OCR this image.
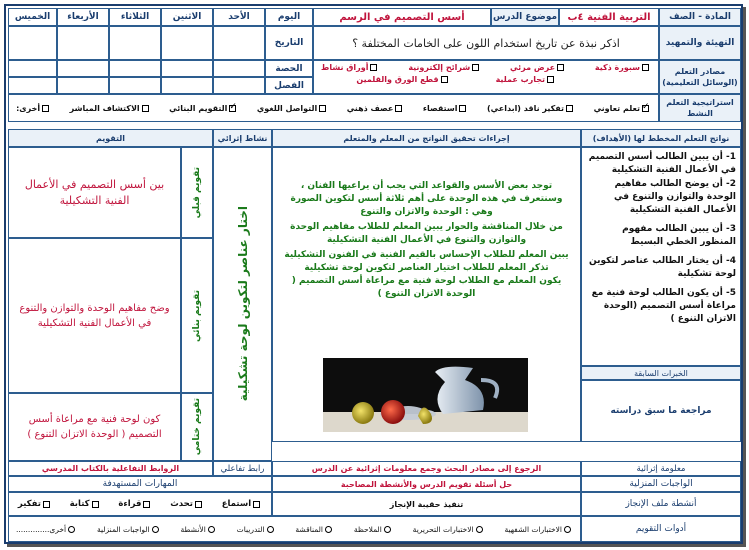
المادة - الصف
التربية الفنية ٤ب
موضوع الدرس
أسس التصميم في الرسم
اليوم
الأحد
الاثنين
الثلاثاء
الأربعاء
الخميس
التاريخ
الحصة
الفصل
التهيئة والتمهيد
اذكر نبذة عن تاريخ استخدام اللون على الخامات المختلفة ؟
مصادر التعلم (الوسائل التعليمية)
سبورة ذكية
عرض مرئي
شرائح إلكترونية
أوراق نشاط
تجارب عملية
قطع الورق والقلمين
استراتيجية التعلم النشط
✓
تعلم تعاوني
تفكير ناقد (ابداعي)
استقصاء
عصف ذهني
التواصل اللغوي
✓
التقويم البنائي
الاكتشاف المباشر
أخرى:
نواتج التعلم المخطط لها (الأهداف)
إجراءات تحقيق النواتج من المعلم والمتعلم
نشاط إثرائي
التقويم
1- أن يبين الطالب أسس التصميم في الأعمال الفنية التشكيلية
2- أن يوضح الطالب مفاهيم الوحدة والتوازن والتنوع في الأعمال الفنية التشكيلية
3- أن يبين الطالب مفهوم المنظور الخطي البسيط
4- أن يختار الطالب عناصر لتكوين لوحة تشكيلية
5- أن يكون الطالب لوحة فنية مع مراعاة أسس التصميم (الوحدة الاتزان التنوع )
الخبرات السابقة
مراجعة ما سبق دراسته
توجد بعض الأسس والقواعد التي يجب أن يراعيها الفنان ، وسنتعرف في هذه الوحدة على أهم ثلاثة أسس لتكوين الصورة وهي : الوحدة والاتزان والتنوع
من خلال المناقشة والحوار يبين المعلم للطلاب مفاهيم الوحدة والتوازن والتنوع في الأعمال الفنية التشكيلية
يبين المعلم للطلاب الإحساس بالقيم الفنية في الفنون التشكيلية
تذكر المعلم للطلاب اختيار العناصر لتكوين لوحة تشكيلية
يكون المعلم مع الطلاب لوحة فنية مع مراعاة أسس التصميم ( الوحدة الاتزان التنوع )
اختار عناصر لتكوين لوحة تشكيلية
تقويم قبلي
تقويم بنائي
تقويم ختامي
بين أسس التصميم في الأعمال الفنية التشكيلية
وضح مفاهيم الوحدة والتوازن والتنوع في الأعمال الفنية التشكيلية
كون لوحة فنية مع مراعاة أسس التصميم ( الوحدة الاتزان التنوع )
معلومة إثرائية
الرجوع إلى مصادر البحث وجمع معلومات إثرائية عن الدرس
رابط تفاعلي
الروابط التفاعلية بالكتاب المدرسي
الواجبات المنزلية
حل أسئلة تقويم الدرس والأنشطة المصاحبة
المهارات المستهدفة
أنشطة ملف الإنجاز
تنفيذ حقيبة الإنجاز
استماع
تحدث
قراءة
كتابة
تفكير
أدوات التقويم
الاختبارات الشفهية
الاختبارات التحريرية
الملاحظة
المناقشة
التدريبات
الأنشطة
الواجبات المنزلية
أخرى..............
